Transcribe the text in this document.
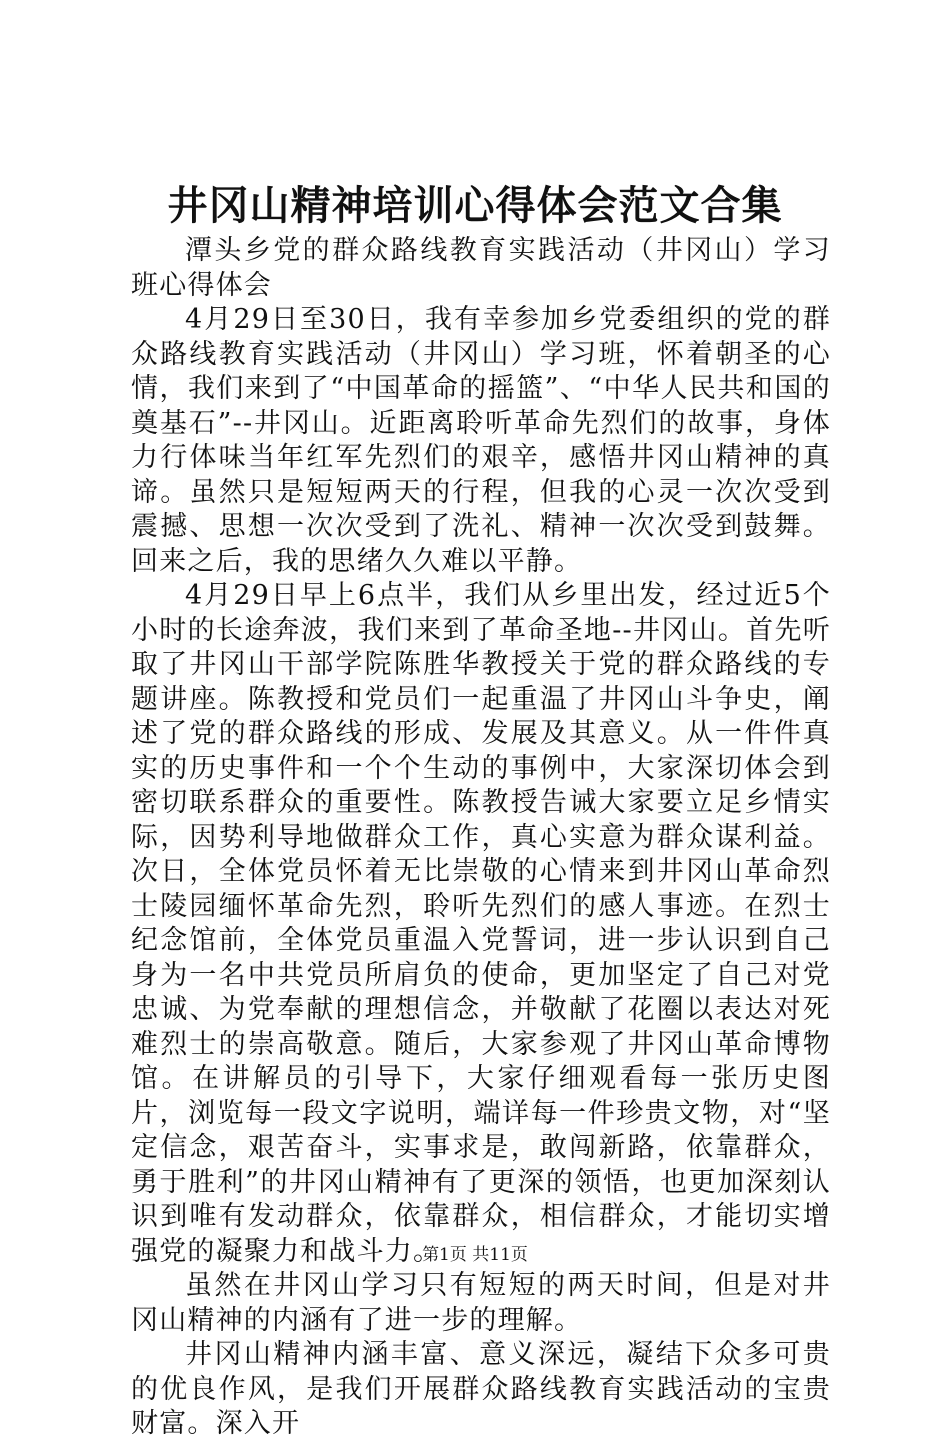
井冈山精神培训心得体会范文合集

潭头乡党的群众路线教育实践活动（井冈山）学习班心得体会

4月29日至30日，我有幸参加乡党委组织的党的群众路线教育实践活动（井冈山）学习班，怀着朝圣的心情，我们来到了“中国革命的摇篮”、“中华人民共和国的奠基石”--井冈山。近距离聆听革命先烈们的故事，身体力行体味当年红军先烈们的艰辛，感悟井冈山精神的真谛。虽然只是短短两天的行程，但我的心灵一次次受到震撼、思想一次次受到了洗礼、精神一次次受到鼓舞。回来之后，我的思绪久久难以平静。

4月29日早上6点半，我们从乡里出发，经过近5个小时的长途奔波，我们来到了革命圣地--井冈山。首先听取了井冈山干部学院陈胜华教授关于党的群众路线的专题讲座。陈教授和党员们一起重温了井冈山斗争史，阐述了党的群众路线的形成、发展及其意义。从一件件真实的历史事件和一个个生动的事例中，大家深切体会到密切联系群众的重要性。陈教授告诫大家要立足乡情实际，因势利导地做群众工作，真心实意为群众谋利益。次日，全体党员怀着无比崇敬的心情来到井冈山革命烈士陵园缅怀革命先烈，聆听先烈们的感人事迹。在烈士纪念馆前，全体党员重温入党誓词，进一步认识到自己身为一名中共党员所肩负的使命，更加坚定了自己对党忠诚、为党奉献的理想信念，并敬献了花圈以表达对死难烈士的崇高敬意。随后，大家参观了井冈山革命博物馆。在讲解员的引导下，大家仔细观看每一张历史图片，浏览每一段文字说明，端详每一件珍贵文物，对“坚定信念，艰苦奋斗，实事求是，敢闯新路，依靠群众，勇于胜利”的井冈山精神有了更深的领悟，也更加深刻认识到唯有发动群众，依靠群众，相信群众，才能切实增强党的凝聚力和战斗力。

虽然在井冈山学习只有短短的两天时间，但是对井冈山精神的内涵有了进一步的理解。

井冈山精神内涵丰富、意义深远，凝结下众多可贵的优良作风，是我们开展群众路线教育实践活动的宝贵财富。深入开

第1页 共11页
